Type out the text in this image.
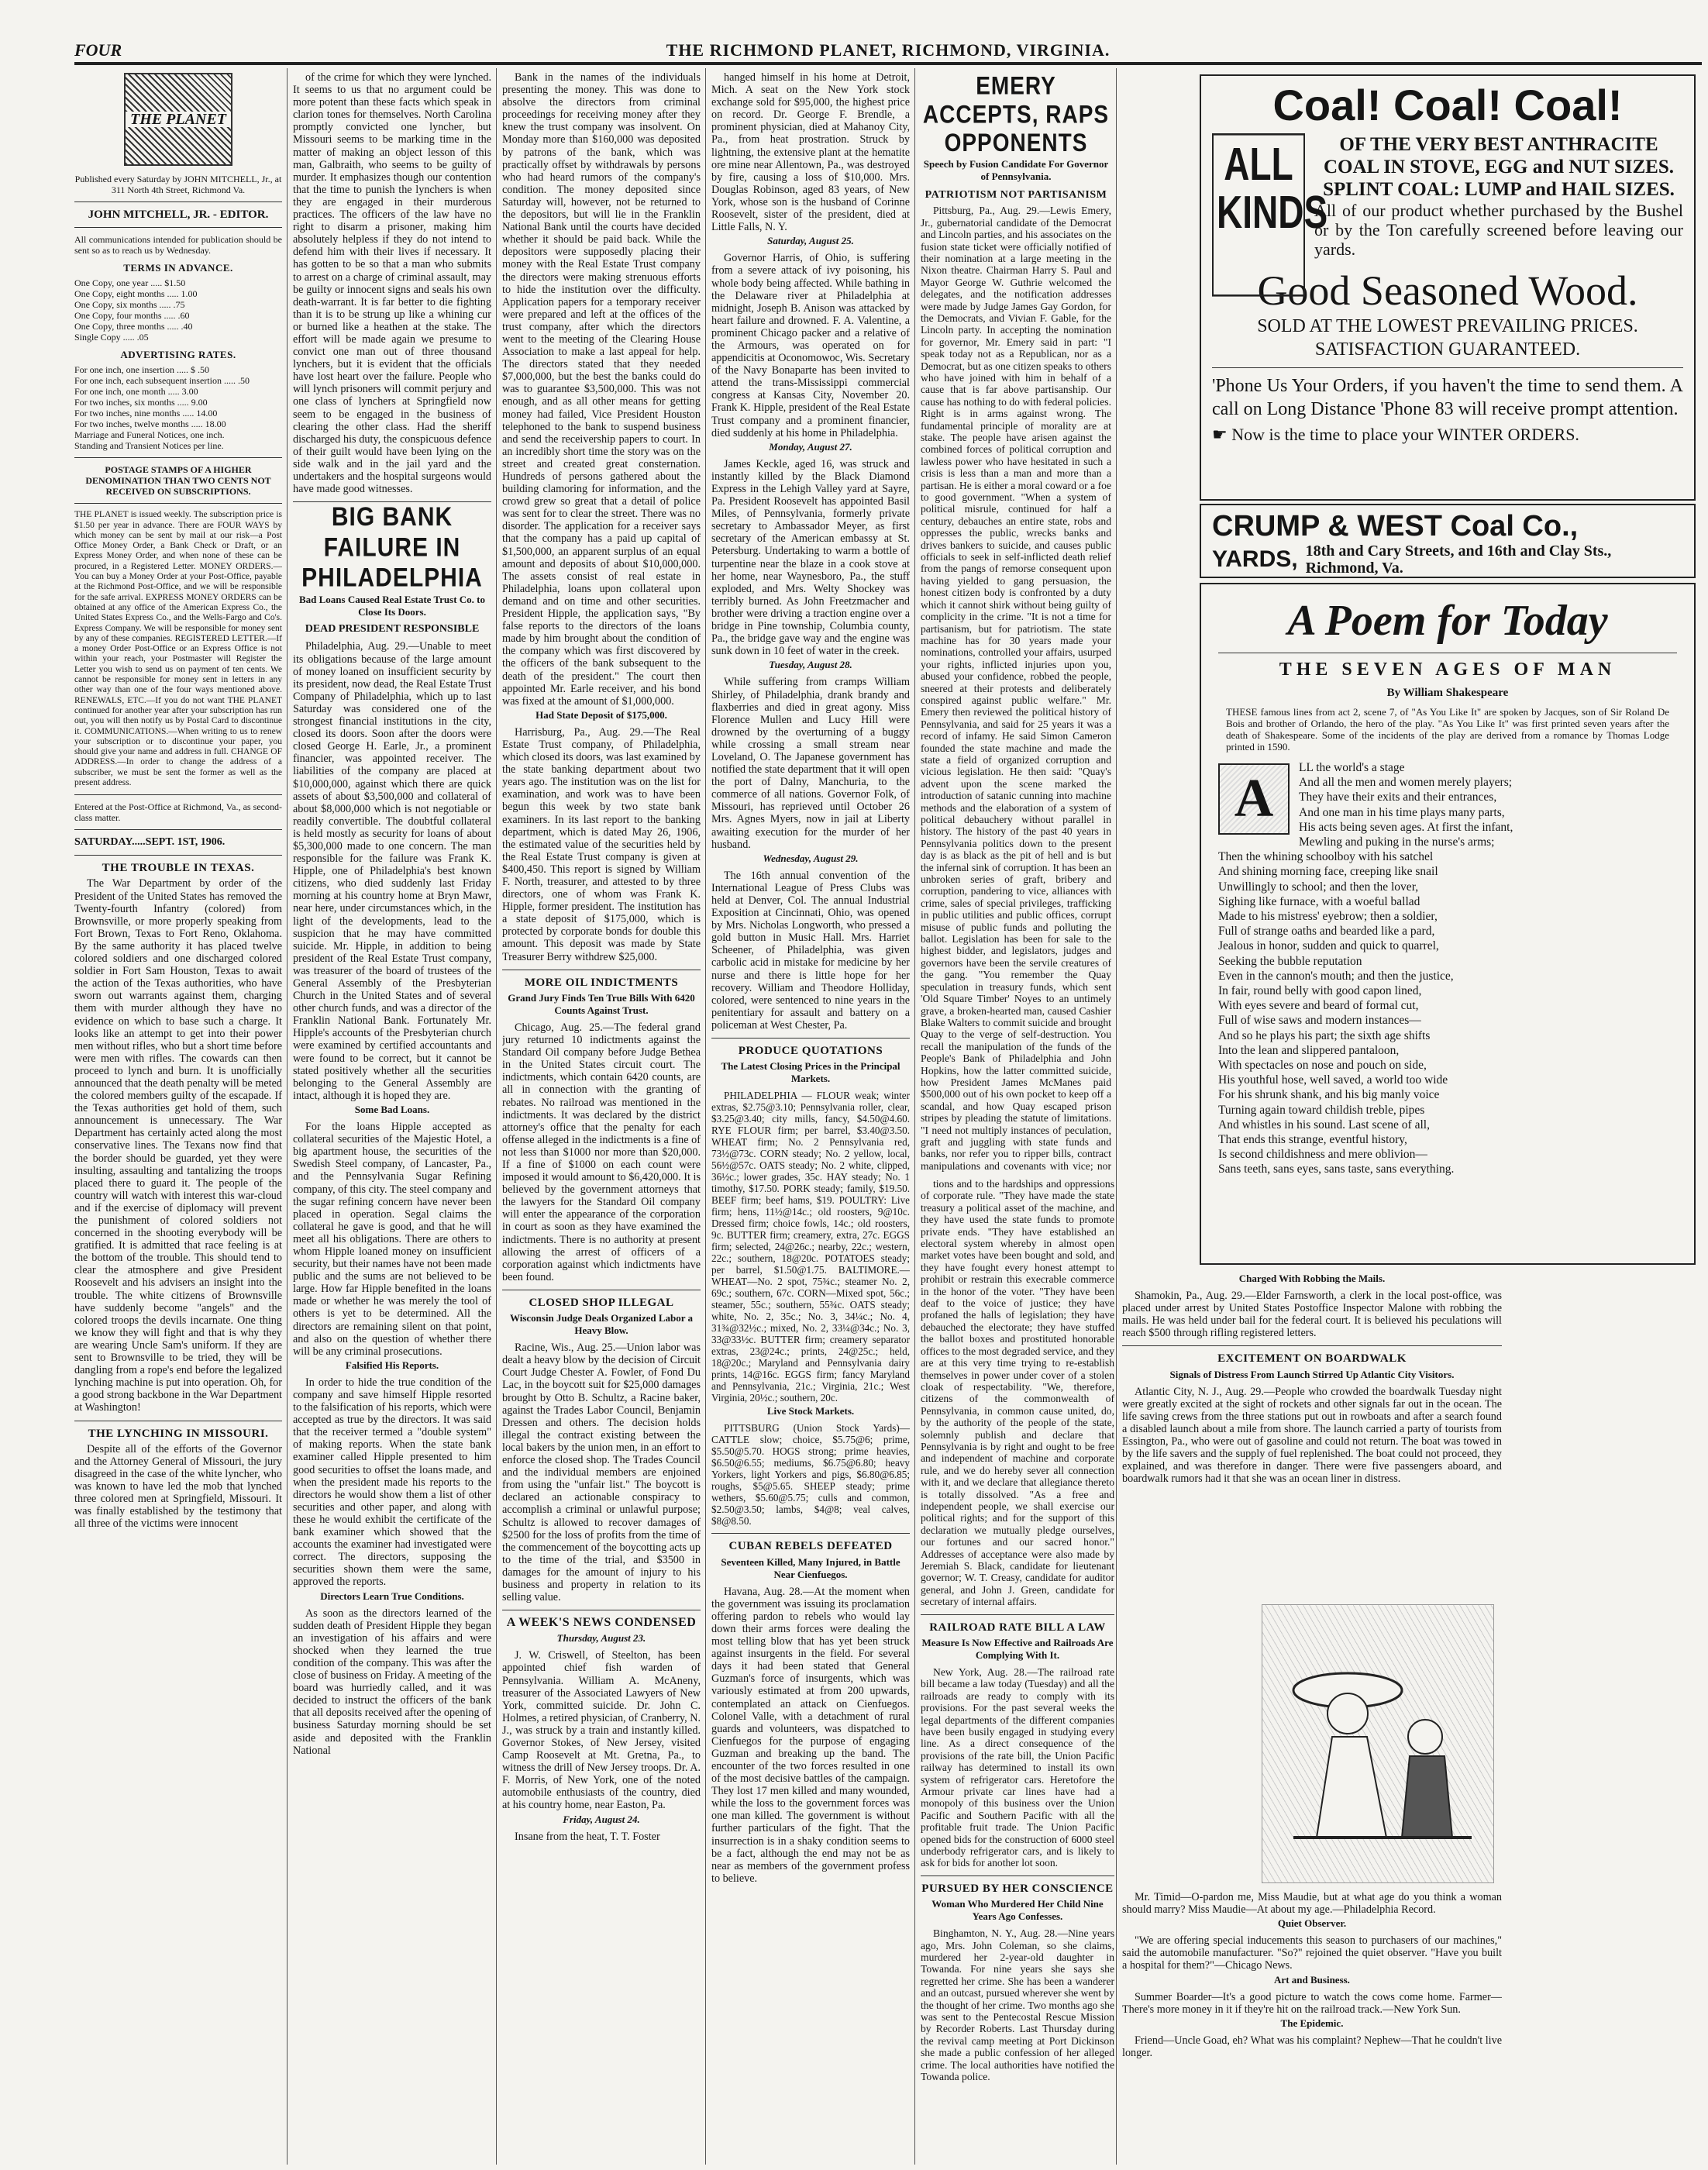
FOUR	THE RICHMOND PLANET, RICHMOND, VIRGINIA.
THE PLANET
Published every Saturday by JOHN MITCHELL, Jr., at 311 North 4th Street, Richmond Va.
JOHN MITCHELL, JR. - EDITOR.
All communications intended for publication should be sent so as to reach us by Wednesday.
TERMS IN ADVANCE.
One Copy, one year ..... $1.50
One Copy, eight months ..... 1.00
One Copy, six months ..... .75
One Copy, four months ..... .60
One Copy, three months ..... .40
Single Copy ..... .05
ADVERTISING RATES.
For one inch, one insertion ..... $ .50
For one inch, each subsequent insertion ..... .50
For one inch, one month ..... 3.00
For two inches, six months ..... 9.00
For two inches, nine months ..... 14.00
For two inches, twelve months ..... 18.00
Marriage and Funeral Notices, one inch.
Standing and Transient Notices per line.
POSTAGE STAMPS OF A HIGHER DENOMINATION THAN TWO CENTS NOT RECEIVED ON SUBSCRIPTIONS.
THE PLANET is issued weekly. The subscription price is $1.50 per year in advance. There are FOUR WAYS by which money can be sent by mail at our risk—a Post Office Money Order, a Bank Check or Draft, or an Express Money Order, and when none of these can be procured, in a Registered Letter. MONEY ORDERS.—You can buy a Money Order at your Post-Office, payable at the Richmond Post-Office, and we will be responsible for the safe arrival. EXPRESS MONEY ORDERS can be obtained at any office of the American Express Co., the United States Express Co., and the Wells-Fargo and Co's. Express Company. We will be responsible for money sent by any of these companies. REGISTERED LETTER.—If a money Order Post-Office or an Express Office is not within your reach, your Postmaster will Register the Letter you wish to send us on payment of ten cents. We cannot be responsible for money sent in letters in any other way than one of the four ways mentioned above. RENEWALS, ETC.—If you do not want THE PLANET continued for another year after your subscription has run out, you will then notify us by Postal Card to discontinue it. COMMUNICATIONS.—When writing to us to renew your subscription or to discontinue your paper, you should give your name and address in full. CHANGE OF ADDRESS.—In order to change the address of a subscriber, we must be sent the former as well as the present address.
Entered at the Post-Office at Richmond, Va., as second-class matter.
SATURDAY.....SEPT. 1ST, 1906.
THE TROUBLE IN TEXAS.

The War Department by order of the President of the United States has removed the Twenty-fourth Infantry (colored) from Brownsville, or more properly speaking from Fort Brown, Texas to Fort Reno, Oklahoma. By the same authority it has placed twelve colored soldiers and one discharged colored soldier in Fort Sam Houston, Texas to await the action of the Texas authorities, who have sworn out warrants against them, charging them with murder although they have no evidence on which to base such a charge. It looks like an attempt to get into their power men without rifles, who but a short time before were men with rifles. The cowards can then proceed to lynch and burn. It is unofficially announced that the death penalty will be meted the colored members guilty of the escapade. If the Texas authorities get hold of them, such announcement is unnecessary. The War Department has certainly acted along the most conservative lines. The Texans now find that the border should be guarded, yet they were insulting, assaulting and tantalizing the troops placed there to guard it. The people of the country will watch with interest this war-cloud and if the exercise of diplomacy will prevent the punishment of colored soldiers not concerned in the shooting everybody will be gratified. It is admitted that race feeling is at the bottom of the trouble. This should tend to clear the atmosphere and give President Roosevelt and his advisers an insight into the trouble. The white citizens of Brownsville have suddenly become "angels" and the colored troops the devils incarnate. One thing we know they will fight and that is why they are wearing Uncle Sam's uniform. If they are sent to Brownsville to be tried, they will be dangling from a rope's end before the legalized lynching machine is put into operation. Oh, for a good strong backbone in the War Department at Washington!

THE LYNCHING IN MISSOURI.

Despite all of the efforts of the Governor and the Attorney General of Missouri, the jury disagreed in the case of the white lyncher, who was known to have led the mob that lynched three colored men at Springfield, Missouri. It was finally established by the testimony that all three of the victims were innocent

of the crime for which they were lynched. It seems to us that no argument could be more potent than these facts which speak in clarion tones for themselves. North Carolina promptly convicted one lyncher, but Missouri seems to be marking time in the matter of making an object lesson of this man, Galbraith, who seems to be guilty of murder. It emphasizes though our contention that the time to punish the lynchers is when they are engaged in their murderous practices. The officers of the law have no right to disarm a prisoner, making him absolutely helpless if they do not intend to defend him with their lives if necessary. It has gotten to be so that a man who submits to arrest on a charge of criminal assault, may be guilty or innocent signs and seals his own death-warrant. It is far better to die fighting than it is to be strung up like a whining cur or burned like a heathen at the stake. The effort will be made again we presume to convict one man out of three thousand lynchers, but it is evident that the officials have lost heart over the failure. People who will lynch prisoners will commit perjury and one class of lynchers at Springfield now seem to be engaged in the business of clearing the other class. Had the sheriff discharged his duty, the conspicuous defence of their guilt would have been lying on the side walk and in the jail yard and the undertakers and the hospital surgeons would have made good witnesses.

BIG BANK FAILURE IN PHILADELPHIA
Bad Loans Caused Real Estate Trust Co. to Close Its Doors.
DEAD PRESIDENT RESPONSIBLE

Philadelphia, Aug. 29.—Unable to meet its obligations because of the large amount of money loaned on insufficient security by its president, now dead, the Real Estate Trust Company of Philadelphia, which up to last Saturday was considered one of the strongest financial institutions in the city, closed its doors. Soon after the doors were closed George H. Earle, Jr., a prominent financier, was appointed receiver. The liabilities of the company are placed at $10,000,000, against which there are quick assets of about $3,500,000 and collateral of about $8,000,000 which is not negotiable or readily convertible. The doubtful collateral is held mostly as security for loans of about $5,300,000 made to one concern. The man responsible for the failure was Frank K. Hipple, one of Philadelphia's best known citizens, who died suddenly last Friday morning at his country home at Bryn Mawr, near here, under circumstances which, in the light of the developments, lead to the suspicion that he may have committed suicide. Mr. Hipple, in addition to being president of the Real Estate Trust company, was treasurer of the board of trustees of the General Assembly of the Presbyterian Church in the United States and of several other church funds, and was a director of the Franklin National Bank. Fortunately Mr. Hipple's accounts of the Presbyterian church were examined by certified accountants and were found to be correct, but it cannot be stated positively whether all the securities belonging to the General Assembly are intact, although it is hoped they are.

Some Bad Loans.

For the loans Hipple accepted as collateral securities of the Majestic Hotel, a big apartment house, the securities of the Swedish Steel company, of Lancaster, Pa., and the Pennsylvania Sugar Refining company, of this city. The steel company and the sugar refining concern have never been placed in operation. Segal claims the collateral he gave is good, and that he will meet all his obligations. There are others to whom Hipple loaned money on insufficient security, but their names have not been made public and the sums are not believed to be large. How far Hipple benefited in the loans made or whether he was merely the tool of others is yet to be determined. All the directors are remaining silent on that point, and also on the question of whether there will be any criminal prosecutions.

Falsified His Reports.

In order to hide the true condition of the company and save himself Hipple resorted to the falsification of his reports, which were accepted as true by the directors. It was said that the receiver termed a "double system" of making reports. When the state bank examiner called Hipple presented to him good securities to offset the loans made, and when the president made his reports to the directors he would show them a list of other securities and other paper, and along with these he would exhibit the certificate of the bank examiner which showed that the accounts the examiner had investigated were correct. The directors, supposing the securities shown them were the same, approved the reports.

Directors Learn True Conditions.

As soon as the directors learned of the sudden death of President Hipple they began an investigation of his affairs and were shocked when they learned the true condition of the company. This was after the close of business on Friday. A meeting of the board was hurriedly called, and it was decided to instruct the officers of the bank that all deposits received after the opening of business Saturday morning should be set aside and deposited with the Franklin National

Bank in the names of the individuals presenting the money. This was done to absolve the directors from criminal proceedings for receiving money after they knew the trust company was insolvent. On Monday more than $160,000 was deposited by patrons of the bank, which was practically offset by withdrawals by persons who had heard rumors of the company's condition. The money deposited since Saturday will, however, not be returned to the depositors, but will lie in the Franklin National Bank until the courts have decided whether it should be paid back. While the depositors were supposedly placing their money with the Real Estate Trust company the directors were making strenuous efforts to hide the institution over the difficulty. Application papers for a temporary receiver were prepared and left at the offices of the trust company, after which the directors went to the meeting of the Clearing House Association to make a last appeal for help. The directors stated that they needed $7,000,000, but the best the banks could do was to guarantee $3,500,000. This was not enough, and as all other means for getting money had failed, Vice President Houston telephoned to the bank to suspend business and send the receivership papers to court. In an incredibly short time the story was on the street and created great consternation. Hundreds of persons gathered about the building clamoring for information, and the crowd grew so great that a detail of police was sent for to clear the street. There was no disorder. The application for a receiver says that the company has a paid up capital of $1,500,000, an apparent surplus of an equal amount and deposits of about $10,000,000. The assets consist of real estate in Philadelphia, loans upon collateral upon demand and on time and other securities. President Hipple, the application says, "By false reports to the directors of the loans made by him brought about the condition of the company which was first discovered by the officers of the bank subsequent to the death of the president." The court then appointed Mr. Earle receiver, and his bond was fixed at the amount of $1,000,000.

Had State Deposit of $175,000.

Harrisburg, Pa., Aug. 29.—The Real Estate Trust company, of Philadelphia, which closed its doors, was last examined by the state banking department about two years ago. The institution was on the list for examination, and work was to have been begun this week by two state bank examiners. In its last report to the banking department, which is dated May 26, 1906, the estimated value of the securities held by the Real Estate Trust company is given at $400,450. This report is signed by William F. North, treasurer, and attested to by three directors, one of whom was Frank K. Hipple, former president. The institution has a state deposit of $175,000, which is protected by corporate bonds for double this amount. This deposit was made by State Treasurer Berry withdrew $25,000.

MORE OIL INDICTMENTS
Grand Jury Finds Ten True Bills With 6420 Counts Against Trust.

Chicago, Aug. 25.—The federal grand jury returned 10 indictments against the Standard Oil company before Judge Bethea in the United States circuit court. The indictments, which contain 6420 counts, are all in connection with the granting of rebates. No railroad was mentioned in the indictments. It was declared by the district attorney's office that the penalty for each offense alleged in the indictments is a fine of not less than $1000 nor more than $20,000. If a fine of $1000 on each count were imposed it would amount to $6,420,000. It is believed by the government attorneys that the lawyers for the Standard Oil company will enter the appearance of the corporation in court as soon as they have examined the indictments. There is no authority at present allowing the arrest of officers of a corporation against which indictments have been found.

CLOSED SHOP ILLEGAL
Wisconsin Judge Deals Organized Labor a Heavy Blow.

Racine, Wis., Aug. 25.—Union labor was dealt a heavy blow by the decision of Circuit Court Judge Chester A. Fowler, of Fond Du Lac, in the boycott suit for $25,000 damages brought by Otto B. Schultz, a Racine baker, against the Trades Labor Council, Benjamin Dressen and others. The decision holds illegal the contract existing between the local bakers by the union men, in an effort to enforce the closed shop. The Trades Council and the individual members are enjoined from using the "unfair list." The boycott is declared an actionable conspiracy to accomplish a criminal or unlawful purpose; Schultz is allowed to recover damages of $2500 for the loss of profits from the time of the commencement of the boycotting acts up to the time of the trial, and $3500 in damages for the amount of injury to his business and property in relation to its selling value.

A WEEK'S NEWS CONDENSED
Thursday, August 23.

J. W. Criswell, of Steelton, has been appointed chief fish warden of Pennsylvania. William A. McAneny, treasurer of the Associated Lawyers of New York, committed suicide. Dr. John C. Holmes, a retired physician, of Cranberry, N. J., was struck by a train and instantly killed. Governor Stokes, of New Jersey, visited Camp Roosevelt at Mt. Gretna, Pa., to witness the drill of New Jersey troops. Dr. A. F. Morris, of New York, one of the noted automobile enthusiasts of the country, died at his country home, near Easton, Pa.

Friday, August 24.

Insane from the heat, T. T. Foster

hanged himself in his home at Detroit, Mich. A seat on the New York stock exchange sold for $95,000, the highest price on record. Dr. George F. Brendle, a prominent physician, died at Mahanoy City, Pa., from heat prostration. Struck by lightning, the extensive plant at the hematite ore mine near Allentown, Pa., was destroyed by fire, causing a loss of $10,000. Mrs. Douglas Robinson, aged 83 years, of New York, whose son is the husband of Corinne Roosevelt, sister of the president, died at Little Falls, N. Y.

Saturday, August 25.

Governor Harris, of Ohio, is suffering from a severe attack of ivy poisoning, his whole body being affected. While bathing in the Delaware river at Philadelphia at midnight, Joseph B. Anison was attacked by heart failure and drowned. F. A. Valentine, a prominent Chicago packer and a relative of the Armours, was operated on for appendicitis at Oconomowoc, Wis. Secretary of the Navy Bonaparte has been invited to attend the trans-Mississippi commercial congress at Kansas City, November 20. Frank K. Hipple, president of the Real Estate Trust company and a prominent financier, died suddenly at his home in Philadelphia.

Monday, August 27.

James Keckle, aged 16, was struck and instantly killed by the Black Diamond Express in the Lehigh Valley yard at Sayre, Pa. President Roosevelt has appointed Basil Miles, of Pennsylvania, formerly private secretary to Ambassador Meyer, as first secretary of the American embassy at St. Petersburg. Undertaking to warm a bottle of turpentine near the blaze in a cook stove at her home, near Waynesboro, Pa., the stuff exploded, and Mrs. Welty Shockey was terribly burned. As John Freetzmacher and brother were driving a traction engine over a bridge in Pine township, Columbia county, Pa., the bridge gave way and the engine was sunk down in 10 feet of water in the creek.

Tuesday, August 28.

While suffering from cramps William Shirley, of Philadelphia, drank brandy and flaxberries and died in great agony. Miss Florence Mullen and Lucy Hill were drowned by the overturning of a buggy while crossing a small stream near Loveland, O. The Japanese government has notified the state department that it will open the port of Dalny, Manchuria, to the commerce of all nations. Governor Folk, of Missouri, has reprieved until October 26 Mrs. Agnes Myers, now in jail at Liberty awaiting execution for the murder of her husband.

Wednesday, August 29.

The 16th annual convention of the International League of Press Clubs was held at Denver, Col. The annual Industrial Exposition at Cincinnati, Ohio, was opened by Mrs. Nicholas Longworth, who pressed a gold button in Music Hall. Mrs. Harriet Scheener, of Philadelphia, was given carbolic acid in mistake for medicine by her nurse and there is little hope for her recovery. William and Theodore Holliday, colored, were sentenced to nine years in the penitentiary for assault and battery on a policeman at West Chester, Pa.

PRODUCE QUOTATIONS
The Latest Closing Prices in the Principal Markets.

PHILADELPHIA — FLOUR weak; winter extras, $2.75@3.10; Pennsylvania roller, clear, $3.25@3.40; city mills, fancy, $4.50@4.60. RYE FLOUR firm; per barrel, $3.40@3.50. WHEAT firm; No. 2 Pennsylvania red, 73½@73c. CORN steady; No. 2 yellow, local, 56½@57c. OATS steady; No. 2 white, clipped, 36½c.; lower grades, 35c. HAY steady; No. 1 timothy, $17.50. PORK steady; family, $19.50. BEEF firm; beef hams, $19. POULTRY: Live firm; hens, 11½@14c.; old roosters, 9@10c. Dressed firm; choice fowls, 14c.; old roosters, 9c. BUTTER firm; creamery, extra, 27c. EGGS firm; selected, 24@26c.; nearby, 22c.; western, 22c.; southern, 18@20c. POTATOES steady; per barrel, $1.50@1.75. BALTIMORE.—WHEAT—No. 2 spot, 75¾c.; steamer No. 2, 69c.; southern, 67c. CORN—Mixed spot, 56c.; steamer, 55c.; southern, 55¾c. OATS steady; white, No. 2, 35c.; No. 3, 34¼c.; No. 4, 31¾@32½c.; mixed, No. 2, 33¼@34c.; No. 3, 33@33½c. BUTTER firm; creamery separator extras, 23@24c.; prints, 24@25c.; held, 18@20c.; Maryland and Pennsylvania dairy prints, 14@16c. EGGS firm; fancy Maryland and Pennsylvania, 21c.; Virginia, 21c.; West Virginia, 20½c.; southern, 20c.

Live Stock Markets.

PITTSBURG (Union Stock Yards)—CATTLE slow; choice, $5.75@6; prime, $5.50@5.70. HOGS strong; prime heavies, $6.50@6.55; mediums, $6.75@6.80; heavy Yorkers, light Yorkers and pigs, $6.80@6.85; roughs, $5@5.65. SHEEP steady; prime wethers, $5.60@5.75; culls and common, $2.50@3.50; lambs, $4@8; veal calves, $8@8.50.

CUBAN REBELS DEFEATED
Seventeen Killed, Many Injured, in Battle Near Cienfuegos.

Havana, Aug. 28.—At the moment when the government was issuing its proclamation offering pardon to rebels who would lay down their arms forces were dealing the most telling blow that has yet been struck against insurgents in the field. For several days it had been stated that General Guzman's force of insurgents, which was variously estimated at from 200 upwards, contemplated an attack on Cienfuegos. Colonel Valle, with a detachment of rural guards and volunteers, was dispatched to Cienfuegos for the purpose of engaging Guzman and breaking up the band. The encounter of the two forces resulted in one of the most decisive battles of the campaign. They lost 17 men killed and many wounded, while the loss to the government forces was one man killed. The government is without further particulars of the fight. That the insurrection is in a shaky condition seems to be a fact, although the end may not be as near as members of the government profess to believe.

EMERY ACCEPTS, RAPS OPPONENTS
Speech by Fusion Candidate For Governor of Pennsylvania.
PATRIOTISM NOT PARTISANISM

Pittsburg, Pa., Aug. 29.—Lewis Emery, Jr., gubernatorial candidate of the Democrat and Lincoln parties, and his associates on the fusion state ticket were officially notified of their nomination at a large meeting in the Nixon theatre. Chairman Harry S. Paul and Mayor George W. Guthrie welcomed the delegates, and the notification addresses were made by Judge James Gay Gordon, for the Democrats, and Vivian F. Gable, for the Lincoln party. In accepting the nomination for governor, Mr. Emery said in part: "I speak today not as a Republican, nor as a Democrat, but as one citizen speaks to others who have joined with him in behalf of a cause that is far above partisanship. Our cause has nothing to do with federal policies. Right is in arms against wrong. The fundamental principle of morality are at stake. The people have arisen against the combined forces of political corruption and lawless power who have hesitated in such a crisis is less than a man and more than a partisan. He is either a moral coward or a foe to good government. "When a system of political misrule, continued for half a century, debauches an entire state, robs and oppresses the public, wrecks banks and drives bankers to suicide, and causes public officials to seek in self-inflicted death relief from the pangs of remorse consequent upon having yielded to gang persuasion, the honest citizen body is confronted by a duty which it cannot shirk without being guilty of complicity in the crime. "It is not a time for partisanism, but for patriotism. The state machine has for 30 years made your nominations, controlled your affairs, usurped your rights, inflicted injuries upon you, abused your confidence, robbed the people, sneered at their protests and deliberately conspired against public welfare." Mr. Emery then reviewed the political history of Pennsylvania, and said for 25 years it was a record of infamy. He said Simon Cameron founded the state machine and made the state a field of organized corruption and vicious legislation. He then said: "Quay's advent upon the scene marked the introduction of satanic cunning into machine methods and the elaboration of a system of political debauchery without parallel in history. The history of the past 40 years in Pennsylvania politics down to the present day is as black as the pit of hell and is but the infernal sink of corruption. It has been an unbroken series of graft, bribery and corruption, pandering to vice, alliances with crime, sales of special privileges, trafficking in public utilities and public offices, corrupt misuse of public funds and polluting the ballot. Legislation has been for sale to the highest bidder, and legislators, judges and governors have been the servile creatures of the gang. "You remember the Quay speculation in treasury funds, which sent 'Old Square Timber' Noyes to an untimely grave, a broken-hearted man, caused Cashier Blake Walters to commit suicide and brought Quay to the verge of self-destruction. You recall the manipulation of the funds of the People's Bank of Philadelphia and John Hopkins, how the latter committed suicide, how President James McManes paid $500,000 out of his own pocket to keep off a scandal, and how Quay escaped prison stripes by pleading the statute of limitations. "I need not multiply instances of peculation, graft and juggling with state funds and banks, nor refer you to ripper bills, contract manipulations and covenants with vice; nor

Coal! Coal! Coal!
ALL KINDS
OF THE VERY BEST ANTHRACITE COAL IN STOVE, EGG and NUT SIZES. SPLINT COAL: LUMP and HAIL SIZES.
All of our product whether purchased by the Bushel or by the Ton carefully screened before leaving our yards.
Good Seasoned Wood.
SOLD AT THE LOWEST PREVAILING PRICES. SATISFACTION GUARANTEED.
'Phone Us Your Orders, if you haven't the time to send them. A call on Long Distance 'Phone 83 will receive prompt attention.
☛ Now is the time to place your WINTER ORDERS.
CRUMP & WEST Coal Co.,
YARDS, 18th and Cary Streets, and 16th and Clay Sts., Richmond, Va.
A Poem for Today
THE SEVEN AGES OF MAN
By William Shakespeare
THESE famous lines from act 2, scene 7, of "As You Like It" are spoken by Jacques, son of Sir Roland De Bois and brother of Orlando, the hero of the play. "As You Like It" was first printed seven years after the death of Shakespeare. Some of the incidents of the play are derived from a romance by Thomas Lodge printed in 1590.
A
LL the world's a stage
And all the men and women merely players;
They have their exits and their entrances,
And one man in his time plays many parts,
His acts being seven ages. At first the infant,
Mewling and puking in the nurse's arms;
Then the whining schoolboy with his satchel
And shining morning face, creeping like snail
Unwillingly to school; and then the lover,
Sighing like furnace, with a woeful ballad
Made to his mistress' eyebrow; then a soldier,
Full of strange oaths and bearded like a pard,
Jealous in honor, sudden and quick to quarrel,
Seeking the bubble reputation
Even in the cannon's mouth; and then the justice,
In fair, round belly with good capon lined,
With eyes severe and beard of formal cut,
Full of wise saws and modern instances—
And so he plays his part; the sixth age shifts
Into the lean and slippered pantaloon,
With spectacles on nose and pouch on side,
His youthful hose, well saved, a world too wide
For his shrunk shank, and his big manly voice
Turning again toward childish treble, pipes
And whistles in his sound. Last scene of all,
That ends this strange, eventful history,
Is second childishness and mere oblivion—
Sans teeth, sans eyes, sans taste, sans everything.

tions and to the hardships and oppressions of corporate rule. "They have made the state treasury a political asset of the machine, and they have used the state funds to promote private ends. "They have established an electoral system whereby in almost open market votes have been bought and sold, and they have fought every honest attempt to prohibit or restrain this execrable commerce in the honor of the voter. "They have been deaf to the voice of justice; they have profaned the halls of legislation; they have debauched the electorate; they have stuffed the ballot boxes and prostituted honorable offices to the most degraded service, and they are at this very time trying to re-establish themselves in power under cover of a stolen cloak of respectability. "We, therefore, citizens of the commonwealth of Pennsylvania, in common cause united, do, by the authority of the people of the state, solemnly publish and declare that Pennsylvania is by right and ought to be free and independent of machine and corporate rule, and we do hereby sever all connection with it, and we declare that allegiance thereto is totally dissolved. "As a free and independent people, we shall exercise our political rights; and for the support of this declaration we mutually pledge ourselves, our fortunes and our sacred honor." Addresses of acceptance were also made by Jeremiah S. Black, candidate for lieutenant governor; W. T. Creasy, candidate for auditor general, and John J. Green, candidate for secretary of internal affairs.

RAILROAD RATE BILL A LAW
Measure Is Now Effective and Railroads Are Complying With It.

New York, Aug. 28.—The railroad rate bill became a law today (Tuesday) and all the railroads are ready to comply with its provisions. For the past several weeks the legal departments of the different companies have been busily engaged in studying every line. As a direct consequence of the provisions of the rate bill, the Union Pacific railway has determined to install its own system of refrigerator cars. Heretofore the Armour private car lines have had a monopoly of this business over the Union Pacific and Southern Pacific with all the profitable fruit trade. The Union Pacific opened bids for the construction of 6000 steel underbody refrigerator cars, and is likely to ask for bids for another lot soon.

PURSUED BY HER CONSCIENCE
Woman Who Murdered Her Child Nine Years Ago Confesses.

Binghamton, N. Y., Aug. 28.—Nine years ago, Mrs. John Coleman, so she claims, murdered her 2-year-old daughter in Towanda. For nine years she says she regretted her crime. She has been a wanderer and an outcast, pursued wherever she went by the thought of her crime. Two months ago she was sent to the Pentecostal Rescue Mission by Recorder Roberts. Last Thursday during the revival camp meeting at Port Dickinson she made a public confession of her alleged crime. The local authorities have notified the Towanda police.

Charged With Robbing the Mails.

Shamokin, Pa., Aug. 29.—Elder Farnsworth, a clerk in the local post-office, was placed under arrest by United States Postoffice Inspector Malone with robbing the mails. He was held under bail for the federal court. It is believed his peculations will reach $500 through rifling registered letters.

EXCITEMENT ON BOARDWALK
Signals of Distress From Launch Stirred Up Atlantic City Visitors.

Atlantic City, N. J., Aug. 29.—People who crowded the boardwalk Tuesday night were greatly excited at the sight of rockets and other signals far out in the ocean. The life saving crews from the three stations put out in rowboats and after a search found a disabled launch about a mile from shore. The launch carried a party of tourists from Essington, Pa., who were out of gasoline and could not return. The boat was towed in by the life savers and the supply of fuel replenished. The boat could not proceed, they explained, and was therefore in danger. There were five passengers aboard, and boardwalk rumors had it that she was an ocean liner in distress.

Mr. Timid—O-pardon me, Miss Maudie, but at what age do you think a woman should marry? Miss Maudie—At about my age.—Philadelphia Record.

Quiet Observer.

"We are offering special inducements this season to purchasers of our machines," said the automobile manufacturer. "So?" rejoined the quiet observer. "Have you built a hospital for them?"—Chicago News.

Art and Business.

Summer Boarder—It's a good picture to watch the cows come home. Farmer—There's more money in it if they're hit on the railroad track.—New York Sun.

The Epidemic.

Friend—Uncle Goad, eh? What was his complaint? Nephew—That he couldn't live longer.
